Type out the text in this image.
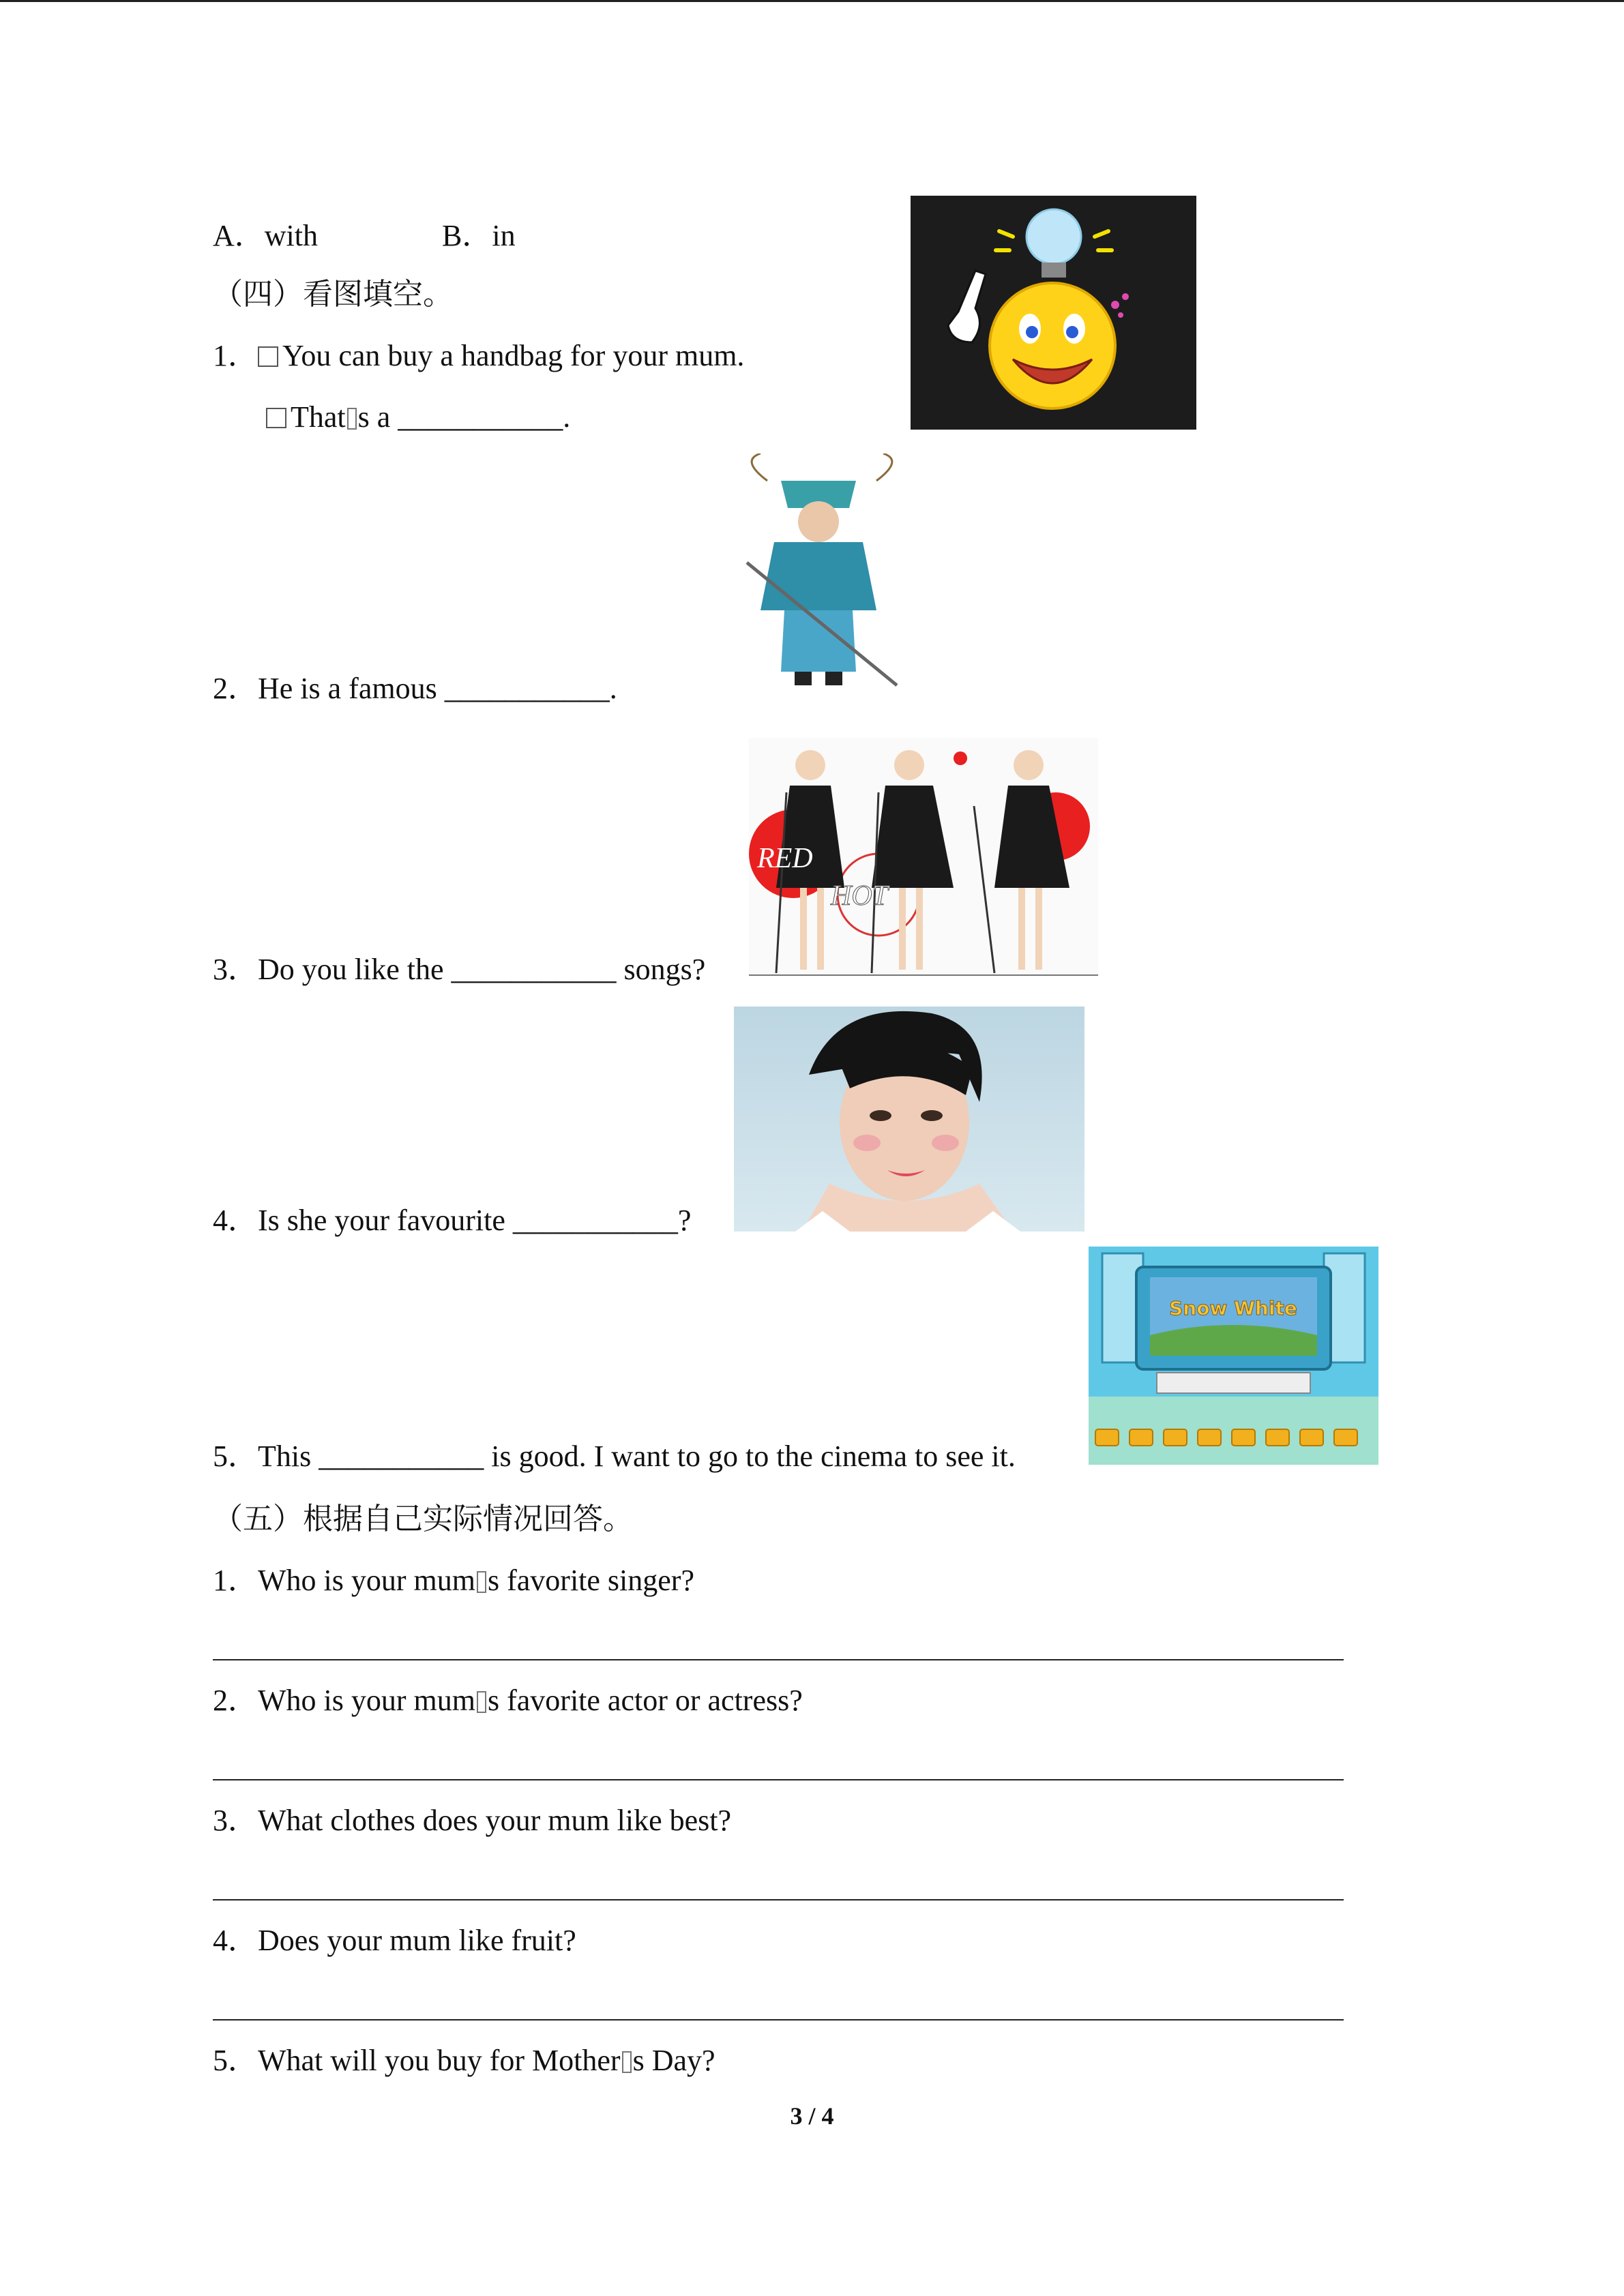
A．with	B．in
（四）看图填空。
1． You can buy a handbag for your mum.
That s a ___________.
2．He is a famous ___________.
RED
HOT
3．Do you like the ___________ songs?
4．Is she your favourite ___________?
Snow White
5．This ___________ is good. I want to go to the cinema to see it.
（五）根据自己实际情况回答。
1．Who is your mum s favorite singer?
2．Who is your mum s favorite actor or actress?
3．What clothes does your mum like best?
4．Does your mum like fruit?
5．What will you buy for Mother s Day?
3 / 4
